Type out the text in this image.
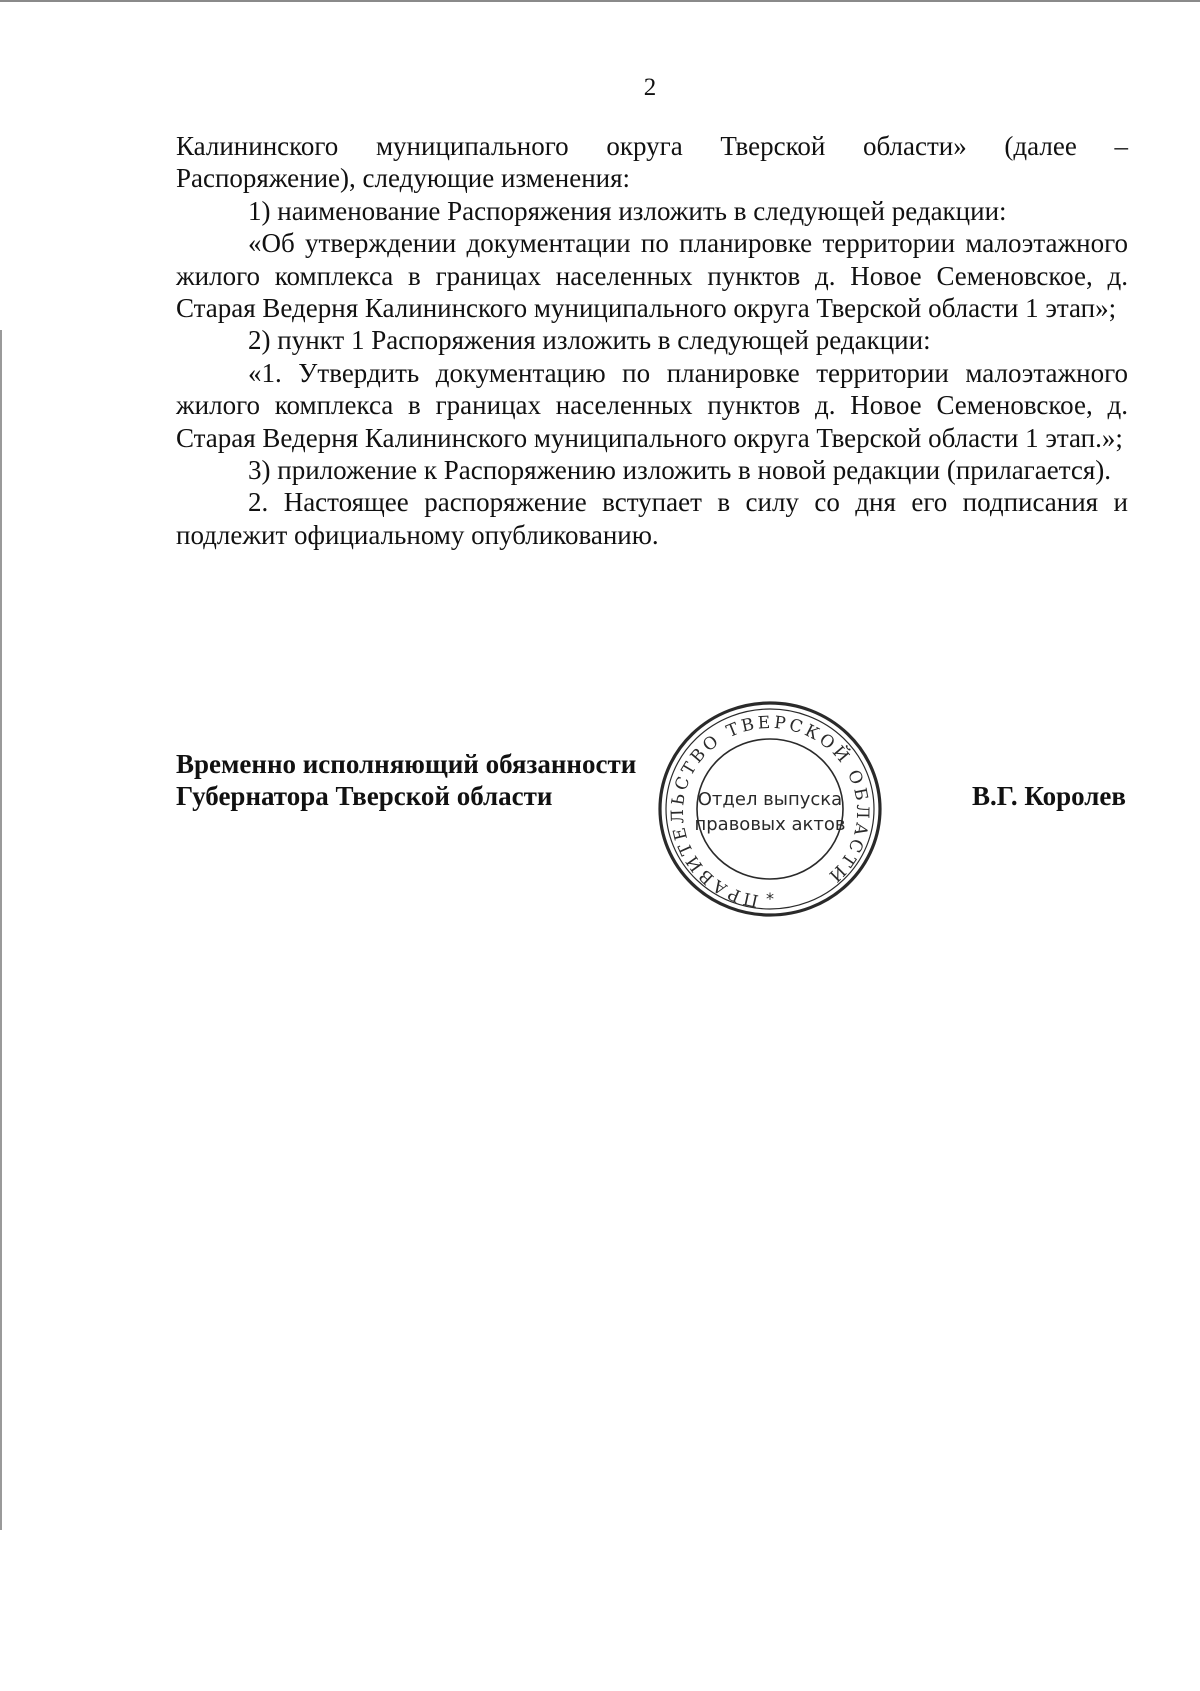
2

Калининского муниципального округа Тверской области» (далее – Распоряжение), следующие изменения:

1) наименование Распоряжения изложить в следующей редакции:

«Об утверждении документации по планировке территории малоэтажного жилого комплекса в границах населенных пунктов д. Новое Семеновское, д. Старая Ведерня Калининского муниципального округа Тверской области 1 этап»;

2) пункт 1 Распоряжения изложить в следующей редакции:

«1. Утвердить документацию по планировке территории малоэтажного жилого комплекса в границах населенных пунктов д. Новое Семеновское, д. Старая Ведерня Калининского муниципального округа Тверской области 1 этап.»;

3) приложение к Распоряжению изложить в новой редакции (прилагается).

2. Настоящее распоряжение вступает в силу со дня его подписания и подлежит официальному опубликованию.

Временно исполняющий обязанности
Губернатора Тверской области	В.Г. Королев
ПРАВИТЕЛЬСТВО ТВЕРСКОЙ ОБЛАСТИ
Отдел выпуска
правовых актов
*
